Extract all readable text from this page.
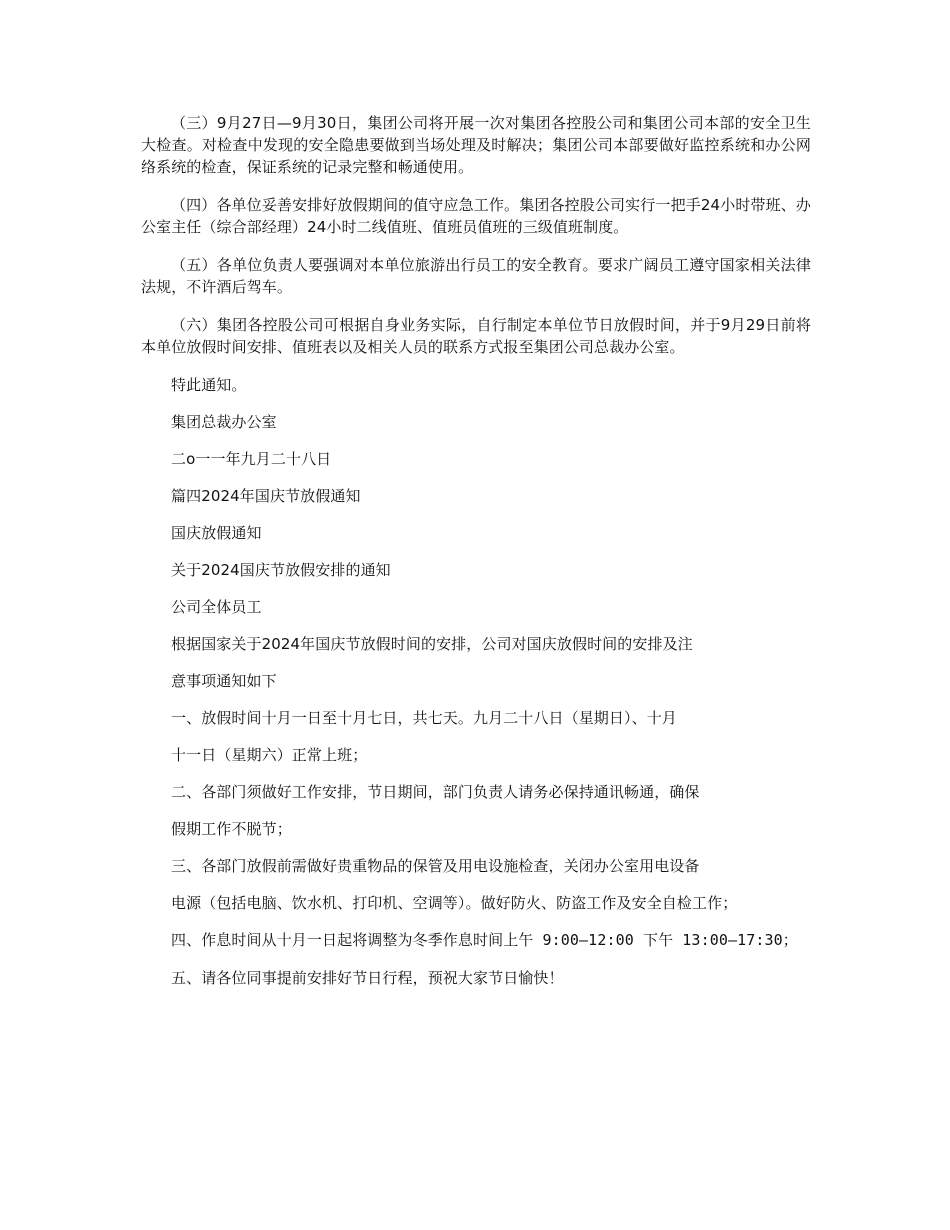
（三）9月27日—9月30日，集团公司将开展一次对集团各控股公司和集团公司本部的安全卫生大检查。对检查中发现的安全隐患要做到当场处理及时解决；集团公司本部要做好监控系统和办公网络系统的检查，保证系统的记录完整和畅通使用。

（四）各单位妥善安排好放假期间的值守应急工作。集团各控股公司实行一把手24小时带班、办公室主任（综合部经理）24小时二线值班、值班员值班的三级值班制度。

（五）各单位负责人要强调对本单位旅游出行员工的安全教育。要求广阔员工遵守国家相关法律法规，不许酒后驾车。

（六）集团各控股公司可根据自身业务实际，自行制定本单位节日放假时间，并于9月29日前将本单位放假时间安排、值班表以及相关人员的联系方式报至集团公司总裁办公室。

特此通知。

集团总裁办公室

二o一一年九月二十八日

篇四2024年国庆节放假通知

国庆放假通知

关于2024国庆节放假安排的通知

公司全体员工

根据国家关于2024年国庆节放假时间的安排，公司对国庆放假时间的安排及注

意事项通知如下

一、放假时间十月一日至十月七日，共七天。九月二十八日（星期日）、十月

十一日（星期六）正常上班；

二、各部门须做好工作安排，节日期间，部门负责人请务必保持通讯畅通，确保

假期工作不脱节；

三、各部门放假前需做好贵重物品的保管及用电设施检查，关闭办公室用电设备

电源（包括电脑、饮水机、打印机、空调等）。做好防火、防盗工作及安全自检工作；

四、作息时间从十月一日起将调整为冬季作息时间上午 9:00—12:00 下午 13:00—17:30；

五、请各位同事提前安排好节日行程，预祝大家节日愉快！
